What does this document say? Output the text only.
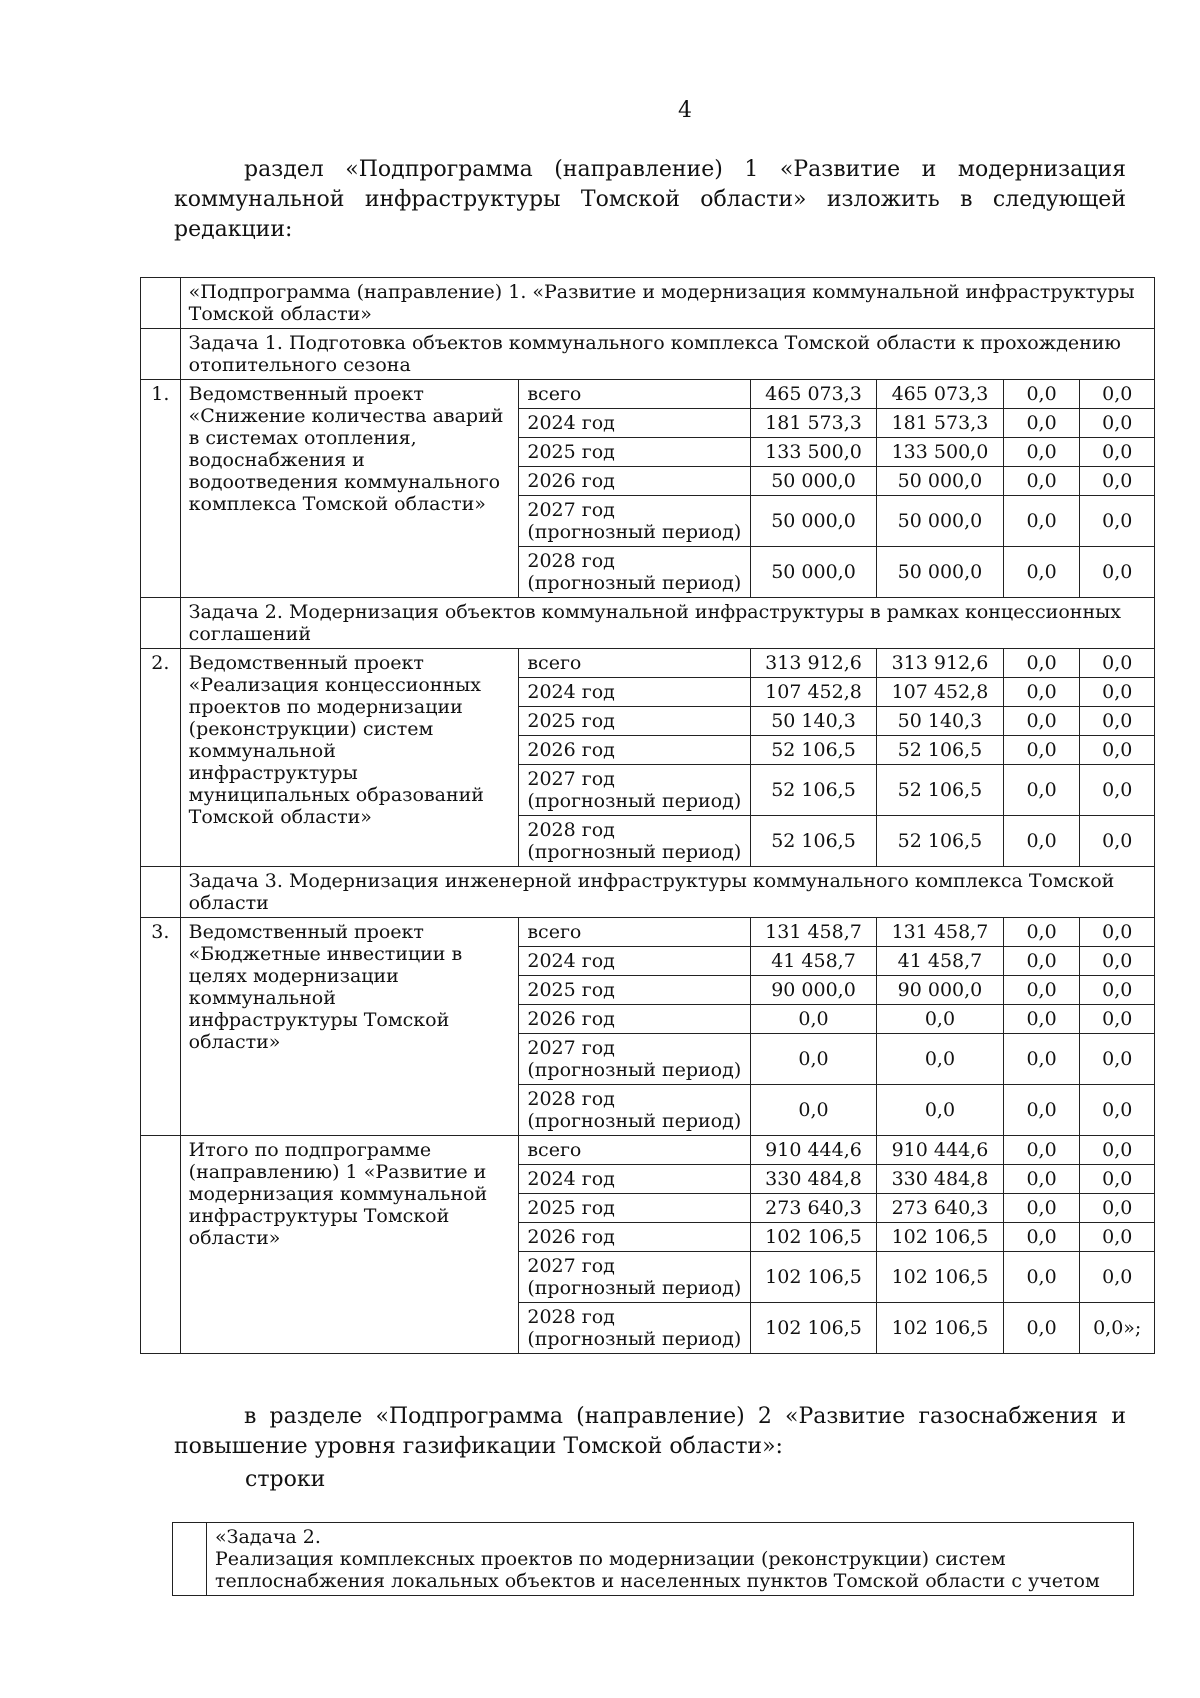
4
раздел «Подпрограмма (направление) 1 «Развитие и модернизация коммунальной инфраструктуры Томской области» изложить в следующей редакции:
	«Подпрограмма (направление) 1. «Развитие и модернизация коммунальной инфраструктуры Томской области»					
	Задача 1. Подготовка объектов коммунального комплекса Томской области к прохождению отопительного сезона					
1.	Ведомственный проект «Снижение количества аварий в системах отопления, водоснабжения и водоотведения коммунального комплекса Томской области»	всего	465 073,3	465 073,3	0,0	0,0
		2024 год	181 573,3	181 573,3	0,0	0,0
		2025 год	133 500,0	133 500,0	0,0	0,0
		2026 год	50 000,0	50 000,0	0,0	0,0
		2027 год (прогнозный период)	50 000,0	50 000,0	0,0	0,0
		2028 год (прогнозный период)	50 000,0	50 000,0	0,0	0,0
	Задача 2. Модернизация объектов коммунальной инфраструктуры в рамках концессионных соглашений					
2.	Ведомственный проект «Реализация концессионных проектов по модернизации (реконструкции) систем коммунальной инфраструктуры муниципальных образований Томской области»	всего	313 912,6	313 912,6	0,0	0,0
		2024 год	107 452,8	107 452,8	0,0	0,0
		2025 год	50 140,3	50 140,3	0,0	0,0
		2026 год	52 106,5	52 106,5	0,0	0,0
		2027 год (прогнозный период)	52 106,5	52 106,5	0,0	0,0
		2028 год (прогнозный период)	52 106,5	52 106,5	0,0	0,0
	Задача 3. Модернизация инженерной инфраструктуры коммунального комплекса Томской области					
3.	Ведомственный проект «Бюджетные инвестиции в целях модернизации коммунальной инфраструктуры Томской области»	всего	131 458,7	131 458,7	0,0	0,0
		2024 год	41 458,7	41 458,7	0,0	0,0
		2025 год	90 000,0	90 000,0	0,0	0,0
		2026 год	0,0	0,0	0,0	0,0
		2027 год (прогнозный период)	0,0	0,0	0,0	0,0
		2028 год (прогнозный период)	0,0	0,0	0,0	0,0
	Итого по подпрограмме (направлению) 1 «Развитие и модернизация коммунальной инфраструктуры Томской области»	всего	910 444,6	910 444,6	0,0	0,0
		2024 год	330 484,8	330 484,8	0,0	0,0
		2025 год	273 640,3	273 640,3	0,0	0,0
		2026 год	102 106,5	102 106,5	0,0	0,0
		2027 год (прогнозный период)	102 106,5	102 106,5	0,0	0,0
		2028 год (прогнозный период)	102 106,5	102 106,5	0,0	0,0»;
в разделе «Подпрограмма (направление) 2 «Развитие газоснабжения и повышение уровня газификации Томской области»:
строки
	«Задача 2.
Реализация комплексных проектов по модернизации (реконструкции) систем теплоснабжения локальных объектов и населенных пунктов Томской области с учетом
